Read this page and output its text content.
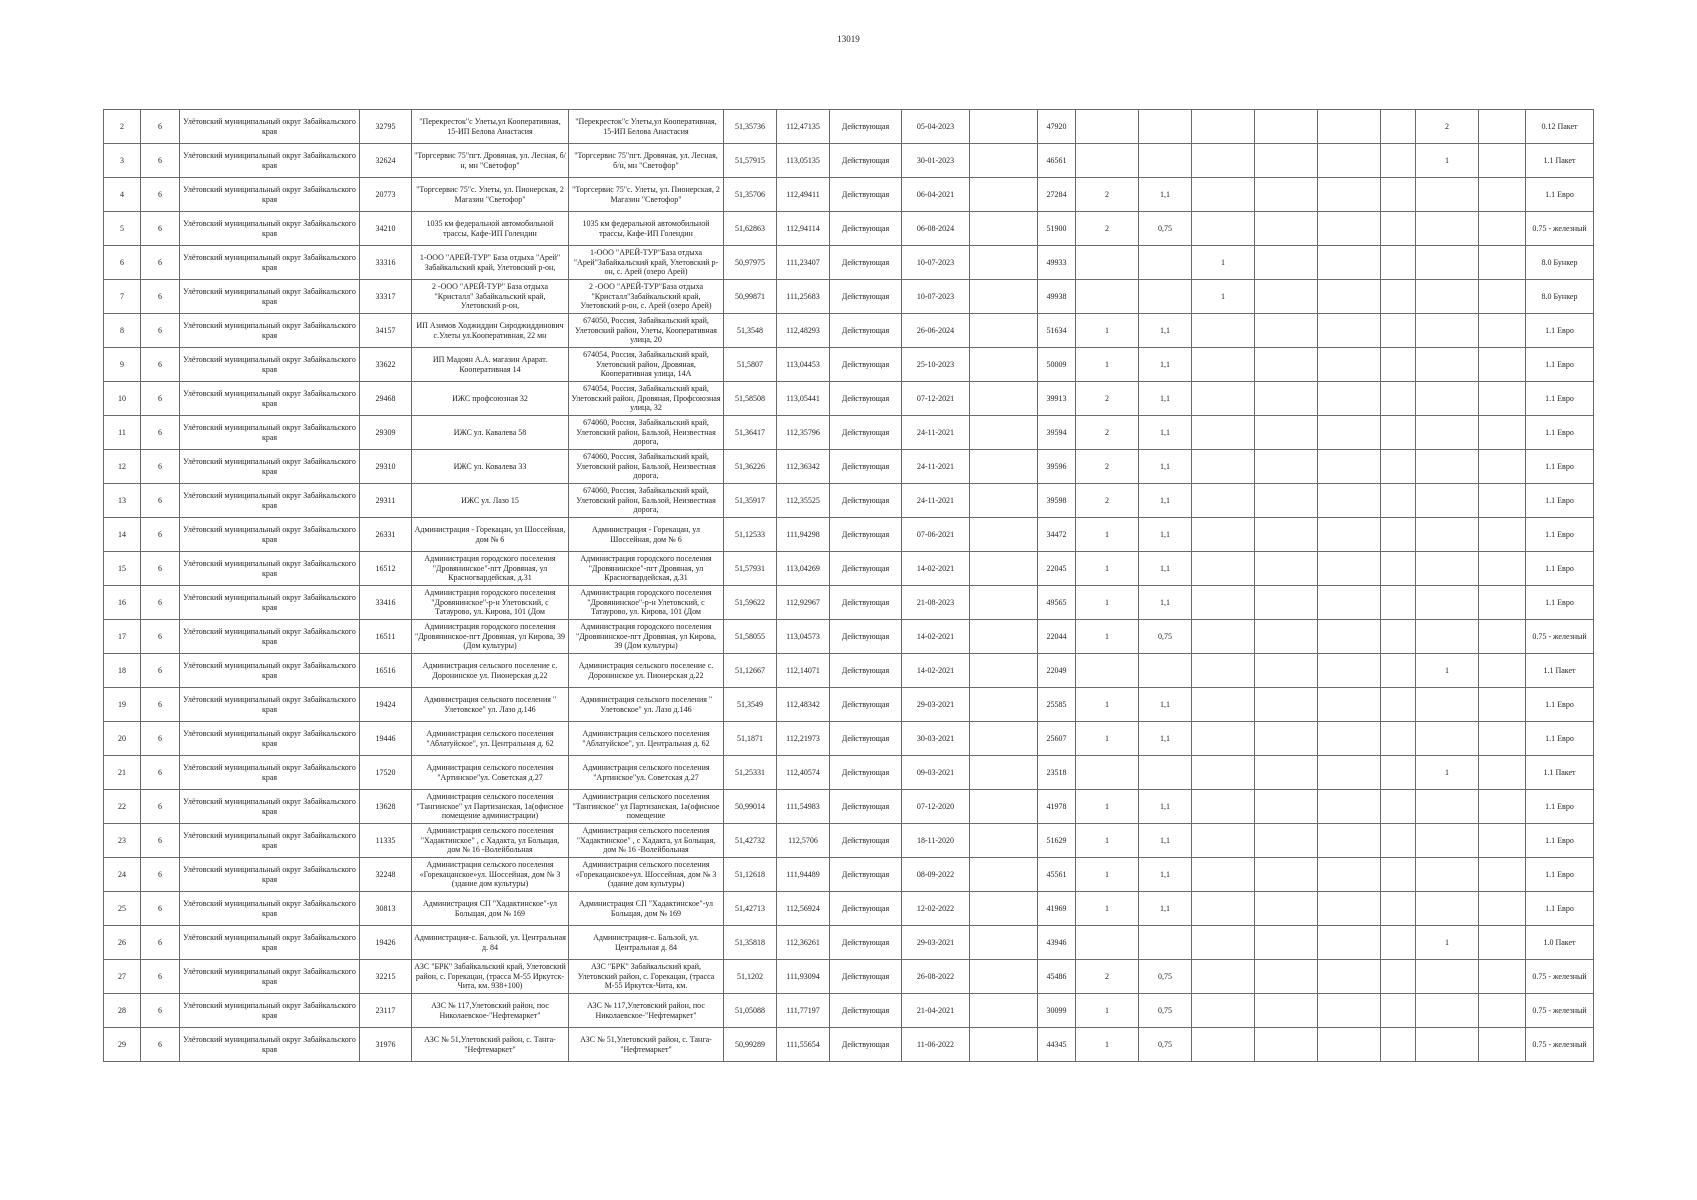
13019
2	6	Улётовский муниципальный округ Забайкальского края	32795	"Перекресток"с Улеты,ул Кооперативная, 15-ИП Белова Анастасия	"Перекресток"с Улеты,ул Кооперативная, 15-ИП Белова Анастасия	51,35736	112,47135	Действующая	05-04-2023		47920							2		0.12 Пакет
3	6	Улётовский муниципальный округ Забайкальского края	32624	"Торгсервис 75"пгт. Дровяная, ул. Лесная, б/н, мн "Светофор"	"Торгсервис 75"пгт. Дровяная, ул. Лесная, б/н, мн "Светофор"	51,57915	113,05135	Действующая	30-01-2023		46561							1		1.1 Пакет
4	6	Улётовский муниципальный округ Забайкальского края	20773	"Торгсервис 75"с. Улеты, ул. Пионерская, 2 Магазин "Светофор"	"Торгсервис 75"с. Улеты, ул. Пионерская, 2 Магазин "Светофор"	51,35706	112,49411	Действующая	06-04-2021		27284	2	1,1							1.1 Евро
5	6	Улётовский муниципальный округ Забайкальского края	34210	1035 км федеральной автомобильной трассы, Кафе-ИП Голендин	1035 км федеральной автомобильной трассы, Кафе-ИП Голендин	51,62863	112,94114	Действующая	06-08-2024		51900	2	0,75							0.75 - железный
6	6	Улётовский муниципальный округ Забайкальского края	33316	1-ООО "АРЕЙ-ТУР" База отдыха "Арей" Забайкальский край, Улетовский р-он,	1-ООО "АРЕЙ-ТУР"База отдыха "Арей"Забайкальский край, Улетовский р-он, с. Арей (озеро Арей)	50,97975	111,23407	Действующая	10-07-2023		49933			1						8.0 Бункер
7	6	Улётовский муниципальный округ Забайкальского края	33317	2 -ООО "АРЕЙ-ТУР" База отдыха "Кристалл" Забайкальский край, Улетовский р-он,	2 -ООО "АРЕЙ-ТУР"База отдыха "Кристалл"Забайкальский край, Улетовский р-он, с. Арей (озеро Арей)	50,99871	111,25683	Действующая	10-07-2023		49938			1						8.0 Бункер
8	6	Улётовский муниципальный округ Забайкальского края	34157	ИП Азимов Ходжиддин Сироджиддинович с.Улеты ул.Кооперативная, 22 мн	674050, Россия, Забайкальский край, Улетовский район, Улеты, Кооперативная улица, 20	51,3548	112,48293	Действующая	26-06-2024		51634	1	1,1							1.1 Евро
9	6	Улётовский муниципальный округ Забайкальского края	33622	ИП Мадоян А.А. магазин Арарат. Кооперативная 14	674054, Россия, Забайкальский край, Улетовский район, Дровяная, Кооперативная улица, 14А	51,5807	113,04453	Действующая	25-10-2023		50009	1	1,1							1.1 Евро
10	6	Улётовский муниципальный округ Забайкальского края	29468	ИЖС профсоюзная 32	674054, Россия, Забайкальский край, Улетовский район, Дровяная, Профсоюзная улица, 32	51,58508	113,05441	Действующая	07-12-2021		39913	2	1,1							1.1 Евро
11	6	Улётовский муниципальный округ Забайкальского края	29309	ИЖС ул. Кавалева 58	674060, Россия, Забайкальский край, Улетовский район, Бальзой, Неизвестная дорога,	51,36417	112,35796	Действующая	24-11-2021		39594	2	1,1							1.1 Евро
12	6	Улётовский муниципальный округ Забайкальского края	29310	ИЖС ул. Ковалева 33	674060, Россия, Забайкальский край, Улетовский район, Бальзой, Неизвестная дорога,	51,36226	112,36342	Действующая	24-11-2021		39596	2	1,1							1.1 Евро
13	6	Улётовский муниципальный округ Забайкальского края	29311	ИЖС ул. Лазо 15	674060, Россия, Забайкальский край, Улетовский район, Бальзой, Неизвестная дорога,	51,35917	112,35525	Действующая	24-11-2021		39598	2	1,1							1.1 Евро
14	6	Улётовский муниципальный округ Забайкальского края	26331	Администрация - Горекацан, ул Шоссейная, дом № 6	Администрация - Горекацан, ул Шоссейная, дом № 6	51,12533	111,94298	Действующая	07-06-2021		34472	1	1,1							1.1 Евро
15	6	Улётовский муниципальный округ Забайкальского края	16512	Администрация городского поселения "Дровянинское"-пгт Дровяная, ул Красногвардейская, д.31	Администрация городского поселения "Дровянинское"-пгт Дровяная, ул Красногвардейская, д.31	51,57931	113,04269	Действующая	14-02-2021		22045	1	1,1							1.1 Евро
16	6	Улётовский муниципальный округ Забайкальского края	33416	Администрация городского поселения "Дровянинское"-р-н Улетовский, с Татаурово, ул. Кирова, 101 (Дом	Администрация городского поселения "Дровянинское"-р-н Улетовский, с Татаурово, ул. Кирова, 101 (Дом	51,59622	112,92967	Действующая	21-08-2023		49565	1	1,1							1.1 Евро
17	6	Улётовский муниципальный округ Забайкальского края	16511	Администрация городского поселения "Дровянинское-пгт Дровяная, ул Кирова, 39 (Дом культуры)	Администрация городского поселения "Дровянинское-пгт Дровяная, ул Кирова, 39 (Дом культуры)	51,58055	113,04573	Действующая	14-02-2021		22044	1	0,75							0.75 - железный
18	6	Улётовский муниципальный округ Забайкальского края	16516	Администрация сельского поселение с. Доронинское ул. Пионерская д.22	Администрация сельского поселение с. Доронинское ул. Пионерская д.22	51,12667	112,14071	Действующая	14-02-2021		22049							1		1.1 Пакет
19	6	Улётовский муниципальный округ Забайкальского края	19424	Администрация сельского поселения " Улетовское" ул. Лазо д.146	Администрация сельского поселения " Улетовское" ул. Лазо д.146	51,3549	112,48342	Действующая	29-03-2021		25585	1	1,1							1.1 Евро
20	6	Улётовский муниципальный округ Забайкальского края	19446	Администрация сельского поселения "Аблатуйское", ул. Центральная д. 62	Администрация сельского поселения "Аблатуйское", ул. Центральная д. 62	51,1871	112,21973	Действующая	30-03-2021		25607	1	1,1							1.1 Евро
21	6	Улётовский муниципальный округ Забайкальского края	17520	Администрация сельского поселения "Артинское"ул. Советская д.27	Администрация сельского поселения "Артинское"ул. Советская д.27	51,25331	112,40574	Действующая	09-03-2021		23518							1		1.1 Пакет
22	6	Улётовский муниципальный округ Забайкальского края	13628	Администрация сельского поселения "Тангинское" ул Партизанская, 1а(офисное помещение администрации)	Администрация сельского поселения "Тангинское" ул Партизанская, 1а(офисное помещение	50,99014	111,54983	Действующая	07-12-2020		41978	1	1,1							1.1 Евро
23	6	Улётовский муниципальный округ Забайкальского края	11335	Администрация сельского поселения "Хадактинское" , с Хадакта, ул Больщая, дом № 16 -Волейбольная	Администрация сельского поселения "Хадактинское" , с Хадакта, ул Больщая, дом № 16 -Волейбольная	51,42732	112,5706	Действующая	18-11-2020		51629	1	1,1							1.1 Евро
24	6	Улётовский муниципальный округ Забайкальского края	32248	Администрация сельского поселения «Горекацанское»ул. Шоссейная, дом № 3 (здание дом культуры)	Администрация сельского поселения «Горекацанское»ул. Шоссейная, дом № 3 (здание дом культуры)	51,12618	111,94489	Действующая	08-09-2022		45561	1	1,1							1.1 Евро
25	6	Улётовский муниципальный округ Забайкальского края	30813	Администрация СП "Хадактинское"-ул Больщая, дом № 169	Администрация СП "Хадактинское"-ул Больщая, дом № 169	51,42713	112,56924	Действующая	12-02-2022		41969	1	1,1							1.1 Евро
26	6	Улётовский муниципальный округ Забайкальского края	19426	Администрация-с. Бальзой, ул. Центральная д. 84	Администрация-с. Бальзой, ул. Центральная д. 84	51,35818	112,36261	Действующая	29-03-2021		43946							1		1.0 Пакет
27	6	Улётовский муниципальный округ Забайкальского края	32215	АЗС "БРК" Забайкальский край, Улетовский район, с. Горекацан, (трасса М-55 Иркутск-Чита, км. 938+100)	АЗС "БРК" Забайкальский край, Улетовский район, с. Горекацан, (трасса М-55 Иркутск-Чита, км.	51,1202	111,93094	Действующая	26-08-2022		45486	2	0,75							0.75 - железный
28	6	Улётовский муниципальный округ Забайкальского края	23117	АЗС № 117,Улетовский район, пос Николаевское-"Нефтемаркет"	АЗС № 117,Улетовский район, пос Николаевское-"Нефтемаркет"	51,05088	111,77197	Действующая	21-04-2021		30099	1	0,75							0.75 - железный
29	6	Улётовский муниципальный округ Забайкальского края	31976	АЗС № 51,Улетовский район, с. Танга-"Нефтемаркет"	АЗС № 51,Улетовский район, с. Танга-"Нефтемаркет"	50,99289	111,55654	Действующая	11-06-2022		44345	1	0,75							0.75 - железный
